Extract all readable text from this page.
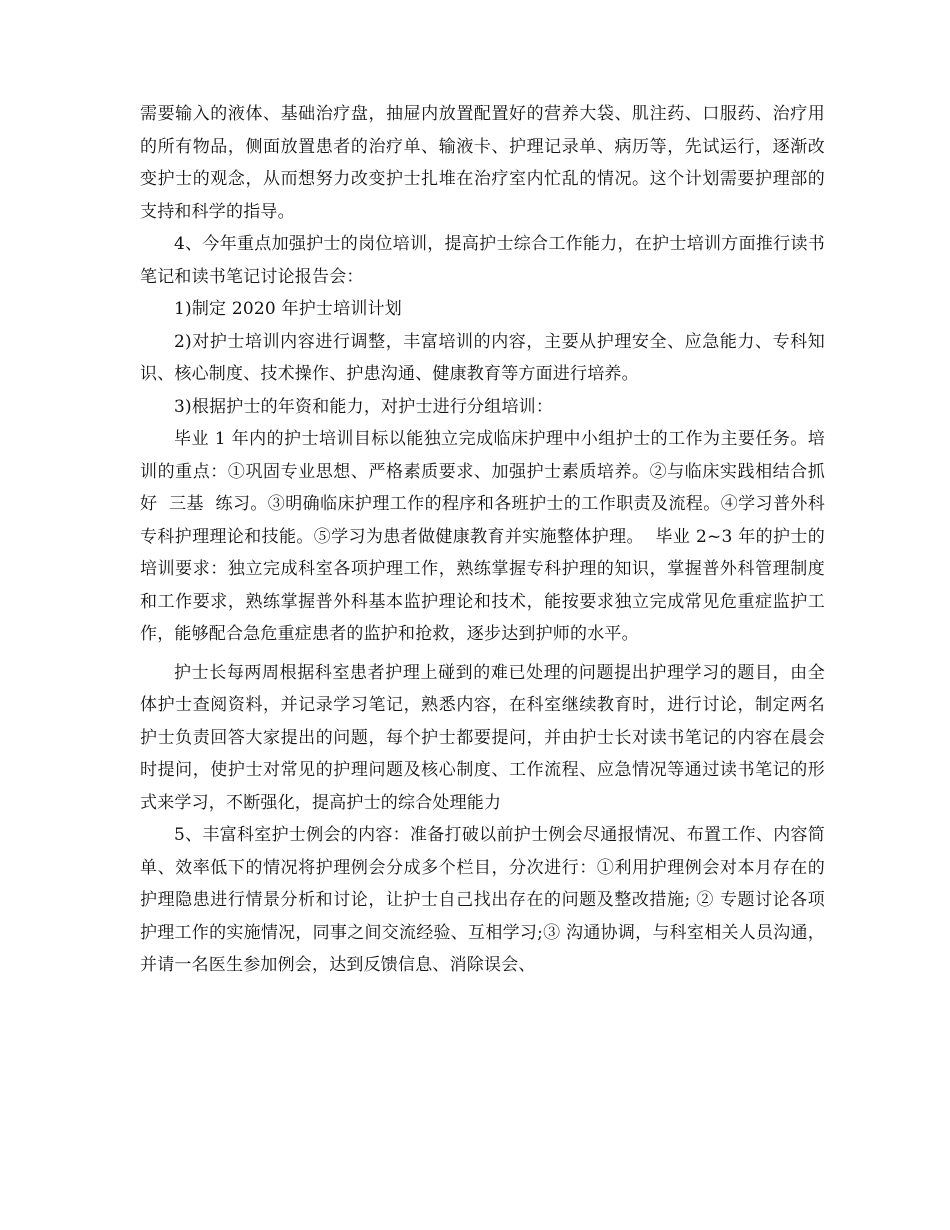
需要输入的液体、基础治疗盘，抽屉内放置配置好的营养大袋、肌注药、口服药、治疗用的所有物品，侧面放置患者的治疗单、输液卡、护理记录单、病历等，先试运行，逐渐改变护士的观念，从而想努力改变护士扎堆在治疗室内忙乱的情况。这个计划需要护理部的支持和科学的指导。

4、今年重点加强护士的岗位培训，提高护士综合工作能力，在护士培训方面推行读书笔记和读书笔记讨论报告会：

1)制定 2020 年护士培训计划

2)对护士培训内容进行调整，丰富培训的内容，主要从护理安全、应急能力、专科知识、核心制度、技术操作、护患沟通、健康教育等方面进行培养。

3)根据护士的年资和能力，对护士进行分组培训：

毕业 1 年内的护士培训目标以能独立完成临床护理中小组护士的工作为主要任务。培训的重点：①巩固专业思想、严格素质要求、加强护士素质培养。②与临床实践相结合抓好  三基  练习。③明确临床护理工作的程序和各班护士的工作职责及流程。④学习普外科专科护理理论和技能。⑤学习为患者做健康教育并实施整体护理。  毕业 2~3 年的护士的培训要求：独立完成科室各项护理工作，熟练掌握专科护理的知识，掌握普外科管理制度和工作要求，熟练掌握普外科基本监护理论和技术，能按要求独立完成常见危重症监护工作，能够配合急危重症患者的监护和抢救，逐步达到护师的水平。

护士长每两周根据科室患者护理上碰到的难已处理的问题提出护理学习的题目，由全体护士查阅资料，并记录学习笔记，熟悉内容，在科室继续教育时，进行讨论，制定两名护士负责回答大家提出的问题，每个护士都要提问，并由护士长对读书笔记的内容在晨会时提问，使护士对常见的护理问题及核心制度、工作流程、应急情况等通过读书笔记的形式来学习，不断强化，提高护士的综合处理能力

5、丰富科室护士例会的内容：准备打破以前护士例会尽通报情况、布置工作、内容简单、效率低下的情况将护理例会分成多个栏目，分次进行：①利用护理例会对本月存在的护理隐患进行情景分析和讨论，让护士自己找出存在的问题及整改措施; ② 专题讨论各项护理工作的实施情况，同事之间交流经验、互相学习;③ 沟通协调，与科室相关人员沟通，并请一名医生参加例会，达到反馈信息、消除误会、
